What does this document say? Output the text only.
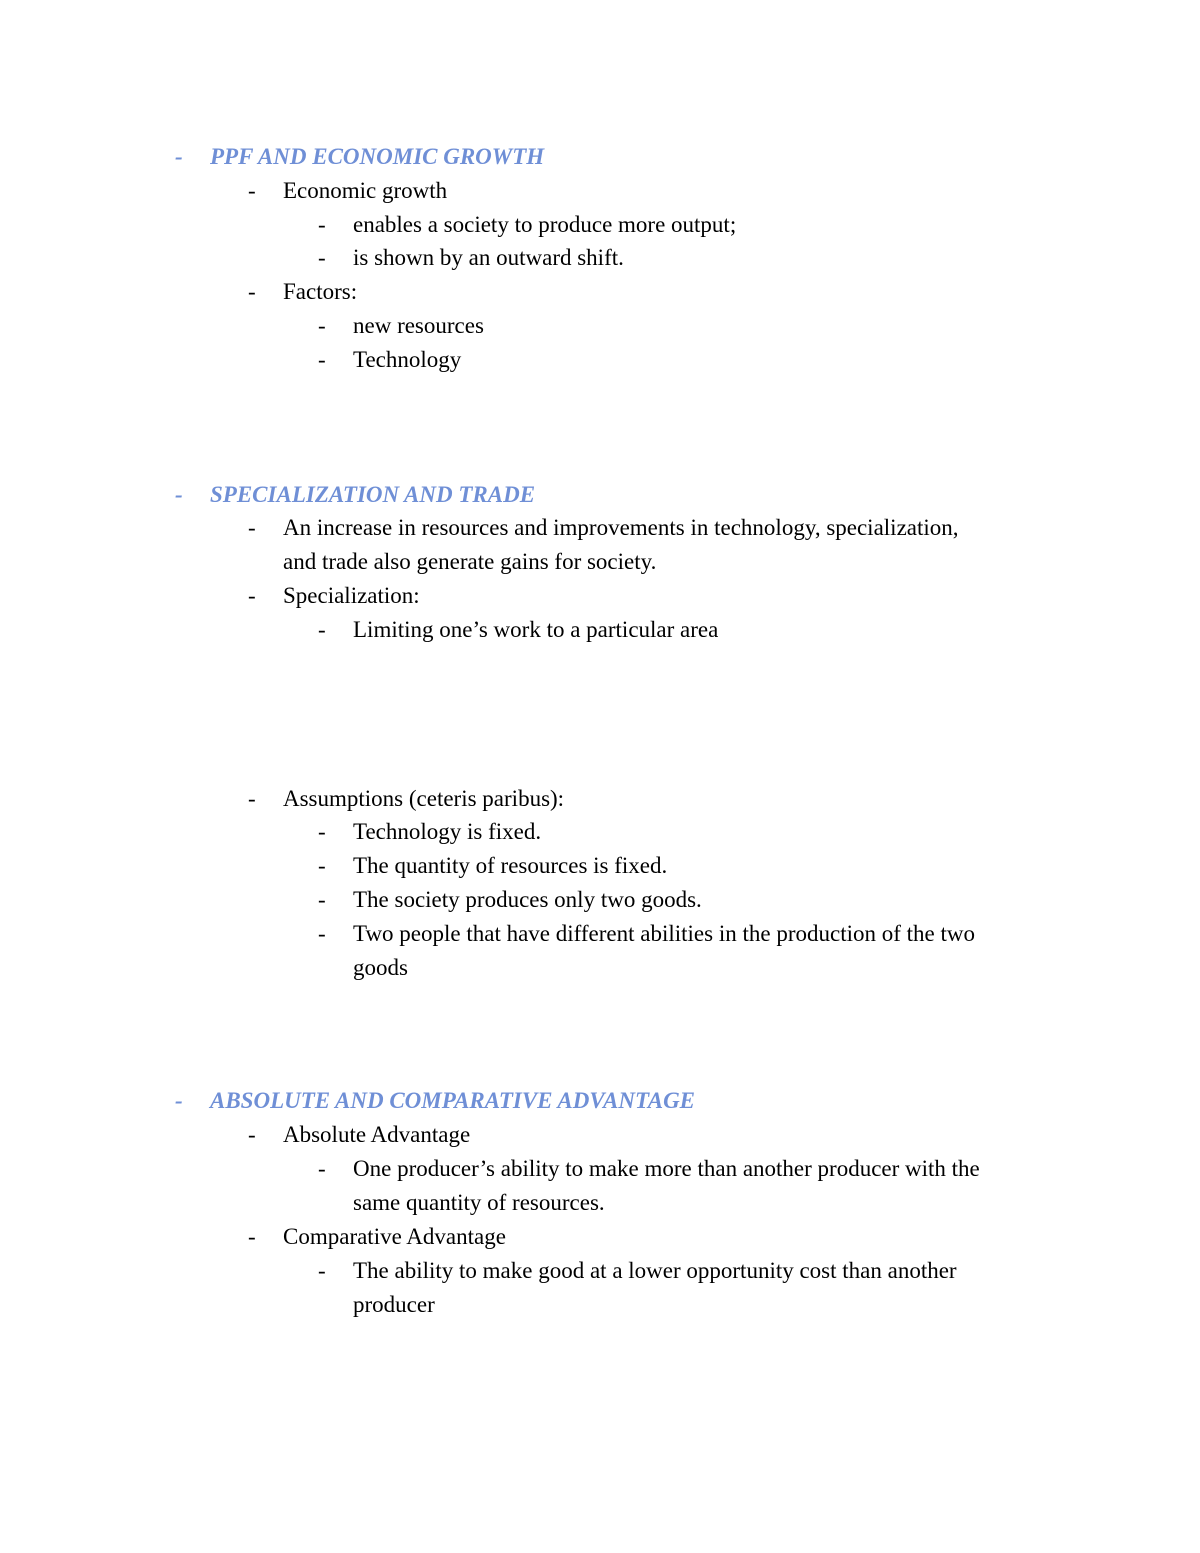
- PPF AND ECONOMIC GROWTH
- Economic growth
- enables a society to produce more output;
- is shown by an outward shift.
- Factors:
- new resources
- Technology
- SPECIALIZATION AND TRADE
- An increase in resources and improvements in technology, specialization,
and trade also generate gains for society.
- Specialization:
- Limiting one’s work to a particular area
- Assumptions (ceteris paribus):
- Technology is fixed.
- The quantity of resources is fixed.
- The society produces only two goods.
- Two people that have different abilities in the production of the two
goods
- ABSOLUTE AND COMPARATIVE ADVANTAGE
- Absolute Advantage
- One producer’s ability to make more than another producer with the
same quantity of resources.
- Comparative Advantage
- The ability to make good at a lower opportunity cost than another
producer
